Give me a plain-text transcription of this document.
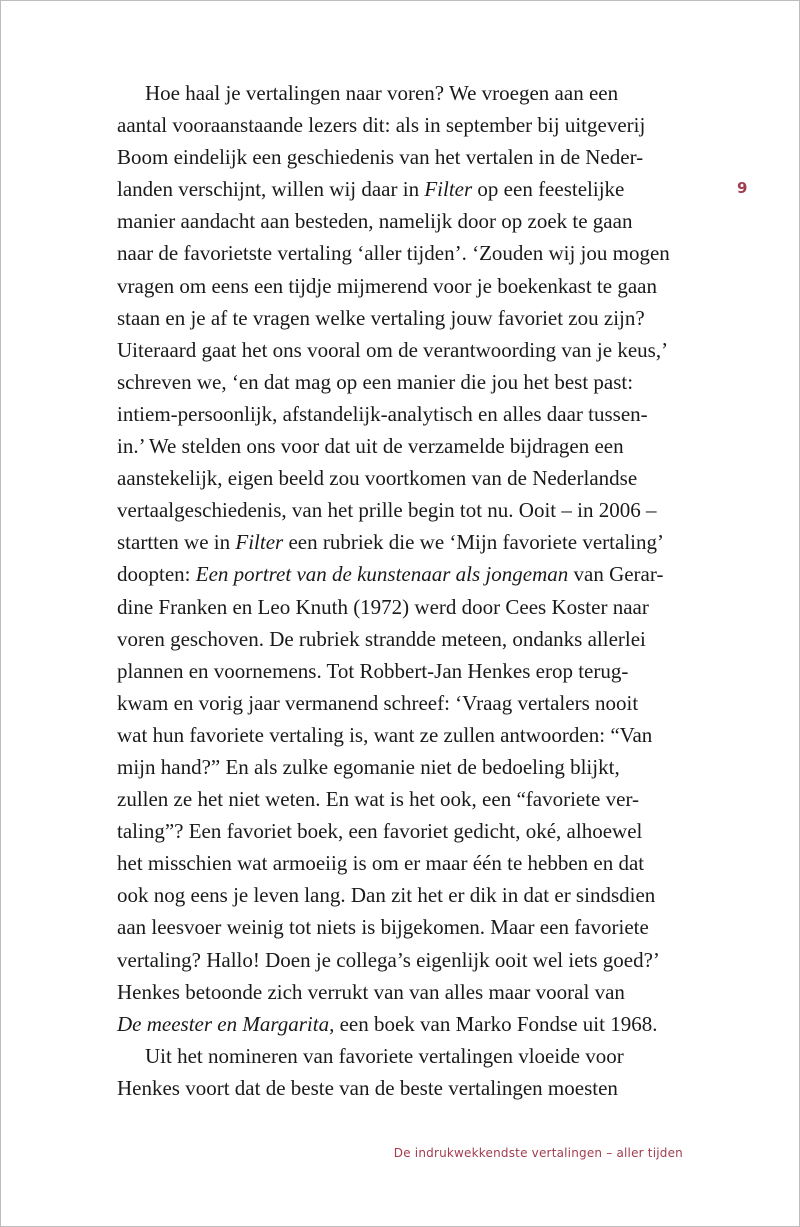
9
Hoe haal je vertalingen naar voren? We vroegen aan een
aantal vooraanstaande lezers dit: als in september bij uitgeverij
Boom eindelijk een geschiedenis van het vertalen in de Neder-
landen verschijnt, willen wij daar in Filter op een feestelijke
manier aandacht aan besteden, namelijk door op zoek te gaan
naar de favorietste vertaling ‘aller tijden’. ‘Zouden wij jou mogen
vragen om eens een tijdje mijmerend voor je boekenkast te gaan
staan en je af te vragen welke vertaling jouw favoriet zou zijn?
Uiteraard gaat het ons vooral om de verantwoording van je keus,’
schreven we, ‘en dat mag op een manier die jou het best past:
intiem-persoonlijk, afstandelijk-analytisch en alles daar tussen-
in.’ We stelden ons voor dat uit de verzamelde bijdragen een
aanstekelijk, eigen beeld zou voortkomen van de Nederlandse
vertaalgeschiedenis, van het prille begin tot nu. Ooit – in 2006 –
startten we in Filter een rubriek die we ‘Mijn favoriete vertaling’
doopten: Een portret van de kunstenaar als jongeman van Gerar-
dine Franken en Leo Knuth (1972) werd door Cees Koster naar
voren geschoven. De rubriek strandde meteen, ondanks allerlei
plannen en voornemens. Tot Robbert-Jan Henkes erop terug-
kwam en vorig jaar vermanend schreef: ‘Vraag vertalers nooit
wat hun favoriete vertaling is, want ze zullen antwoorden: “Van
mijn hand?” En als zulke egomanie niet de bedoeling blijkt,
zullen ze het niet weten. En wat is het ook, een “favoriete ver-
taling”? Een favoriet boek, een favoriet gedicht, oké, alhoewel
het misschien wat armoeiig is om er maar één te hebben en dat
ook nog eens je leven lang. Dan zit het er dik in dat er sindsdien
aan leesvoer weinig tot niets is bijgekomen. Maar een favoriete
vertaling? Hallo! Doen je collega’s eigenlijk ooit wel iets goed?’
Henkes betoonde zich verrukt van van alles maar vooral van
De meester en Margarita, een boek van Marko Fondse uit 1968.
Uit het nomineren van favoriete vertalingen vloeide voor
Henkes voort dat de beste van de beste vertalingen moesten
De indrukwekkendste vertalingen – aller tijden
